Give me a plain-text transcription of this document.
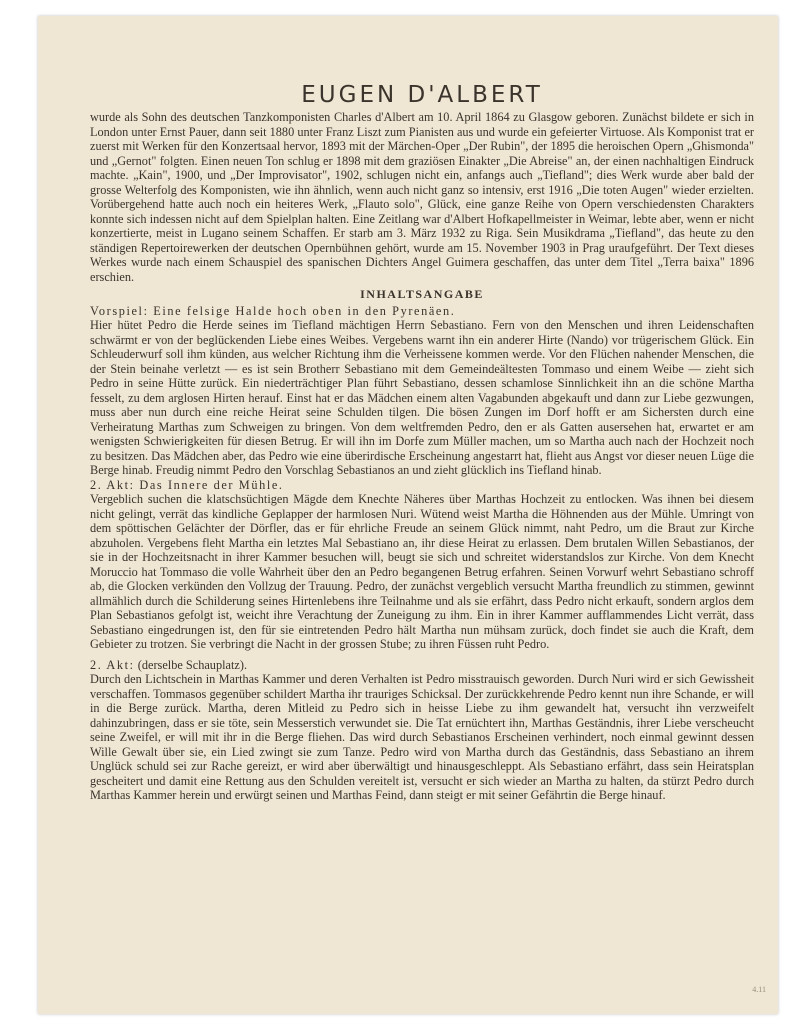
EUGEN D'ALBERT

wurde als Sohn des deutschen Tanzkomponisten Charles d'Albert am 10. April 1864 zu Glasgow geboren. Zunächst bildete er sich in London unter Ernst Pauer, dann seit 1880 unter Franz Liszt zum Pianisten aus und wurde ein gefeierter Virtuose. Als Komponist trat er zuerst mit Werken für den Konzertsaal hervor, 1893 mit der Märchen-Oper „Der Rubin", der 1895 die heroischen Opern „Ghismonda" und „Gernot" folgten. Einen neuen Ton schlug er 1898 mit dem graziösen Einakter „Die Abreise" an, der einen nachhaltigen Eindruck machte. „Kain", 1900, und „Der Improvisator", 1902, schlugen nicht ein, anfangs auch „Tiefland"; dies Werk wurde aber bald der grosse Welterfolg des Komponisten, wie ihn ähnlich, wenn auch nicht ganz so intensiv, erst 1916 „Die toten Augen" wieder erzielten. Vorübergehend hatte auch noch ein heiteres Werk, „Flauto solo", Glück, eine ganze Reihe von Opern verschiedensten Charakters konnte sich indessen nicht auf dem Spielplan halten. Eine Zeitlang war d'Albert Hofkapellmeister in Weimar, lebte aber, wenn er nicht konzertierte, meist in Lugano seinem Schaffen. Er starb am 3. März 1932 zu Riga. Sein Musikdrama „Tiefland", das heute zu den ständigen Repertoirewerken der deutschen Opernbühnen gehört, wurde am 15. November 1903 in Prag uraufgeführt. Der Text dieses Werkes wurde nach einem Schauspiel des spanischen Dichters Angel Guimera geschaffen, das unter dem Titel „Terra baixa" 1896 erschien.

INHALTSANGABE

Vorspiel: Eine felsige Halde hoch oben in den Pyrenäen.
Hier hütet Pedro die Herde seines im Tiefland mächtigen Herrn Sebastiano. Fern von den Menschen und ihren Leidenschaften schwärmt er von der beglückenden Liebe eines Weibes. Vergebens warnt ihn ein anderer Hirte (Nando) vor trügerischem Glück. Ein Schleuderwurf soll ihm künden, aus welcher Richtung ihm die Verheissene kommen werde. Vor den Flüchen nahender Menschen, die der Stein beinahe verletzt — es ist sein Brotherr Sebastiano mit dem Gemeindeältesten Tommaso und einem Weibe — zieht sich Pedro in seine Hütte zurück. Ein niederträchtiger Plan führt Sebastiano, dessen schamlose Sinnlichkeit ihn an die schöne Martha fesselt, zu dem arglosen Hirten herauf. Einst hat er das Mädchen einem alten Vagabunden abgekauft und dann zur Liebe gezwungen, muss aber nun durch eine reiche Heirat seine Schulden tilgen. Die bösen Zungen im Dorf hofft er am Sichersten durch eine Verheiratung Marthas zum Schweigen zu bringen. Von dem weltfremden Pedro, den er als Gatten ausersehen hat, erwartet er am wenigsten Schwierigkeiten für diesen Betrug. Er will ihn im Dorfe zum Müller machen, um so Martha auch nach der Hochzeit noch zu besitzen. Das Mädchen aber, das Pedro wie eine überirdische Erscheinung angestarrt hat, flieht aus Angst vor dieser neuen Lüge die Berge hinab. Freudig nimmt Pedro den Vorschlag Sebastianos an und zieht glücklich ins Tiefland hinab.

2. Akt: Das Innere der Mühle.
Vergeblich suchen die klatschsüchtigen Mägde dem Knechte Näheres über Marthas Hochzeit zu entlocken. Was ihnen bei diesem nicht gelingt, verrät das kindliche Geplapper der harmlosen Nuri. Wütend weist Martha die Höhnenden aus der Mühle. Umringt von dem spöttischen Gelächter der Dörfler, das er für ehrliche Freude an seinem Glück nimmt, naht Pedro, um die Braut zur Kirche abzuholen. Vergebens fleht Martha ein letztes Mal Sebastiano an, ihr diese Heirat zu erlassen. Dem brutalen Willen Sebastianos, der sie in der Hochzeitsnacht in ihrer Kammer besuchen will, beugt sie sich und schreitet widerstandslos zur Kirche. Von dem Knecht Moruccio hat Tommaso die volle Wahrheit über den an Pedro begangenen Betrug erfahren. Seinen Vorwurf wehrt Sebastiano schroff ab, die Glocken verkünden den Vollzug der Trauung. Pedro, der zunächst vergeblich versucht Martha freundlich zu stimmen, gewinnt allmählich durch die Schilderung seines Hirtenlebens ihre Teilnahme und als sie erfährt, dass Pedro nicht erkauft, sondern arglos dem Plan Sebastianos gefolgt ist, weicht ihre Verachtung der Zuneigung zu ihm. Ein in ihrer Kammer aufflammendes Licht verrät, dass Sebastiano eingedrungen ist, den für sie eintretenden Pedro hält Martha nun mühsam zurück, doch findet sie auch die Kraft, dem Gebieter zu trotzen. Sie verbringt die Nacht in der grossen Stube; zu ihren Füssen ruht Pedro.

2. Akt: (derselbe Schauplatz).
Durch den Lichtschein in Marthas Kammer und deren Verhalten ist Pedro misstrauisch geworden. Durch Nuri wird er sich Gewissheit verschaffen. Tommasos gegenüber schildert Martha ihr trauriges Schicksal. Der zurückkehrende Pedro kennt nun ihre Schande, er will in die Berge zurück. Martha, deren Mitleid zu Pedro sich in heisse Liebe zu ihm gewandelt hat, versucht ihn verzweifelt dahinzubringen, dass er sie töte, sein Messerstich verwundet sie. Die Tat ernüchtert ihn, Marthas Geständnis, ihrer Liebe verscheucht seine Zweifel, er will mit ihr in die Berge fliehen. Das wird durch Sebastianos Erscheinen verhindert, noch einmal gewinnt dessen Wille Gewalt über sie, ein Lied zwingt sie zum Tanze. Pedro wird von Martha durch das Geständnis, dass Sebastiano an ihrem Unglück schuld sei zur Rache gereizt, er wird aber überwältigt und hinausgeschleppt. Als Sebastiano erfährt, dass sein Heiratsplan gescheitert und damit eine Rettung aus den Schulden vereitelt ist, versucht er sich wieder an Martha zu halten, da stürzt Pedro durch Marthas Kammer herein und erwürgt seinen und Marthas Feind, dann steigt er mit seiner Gefährtin die Berge hinauf.

4.11
